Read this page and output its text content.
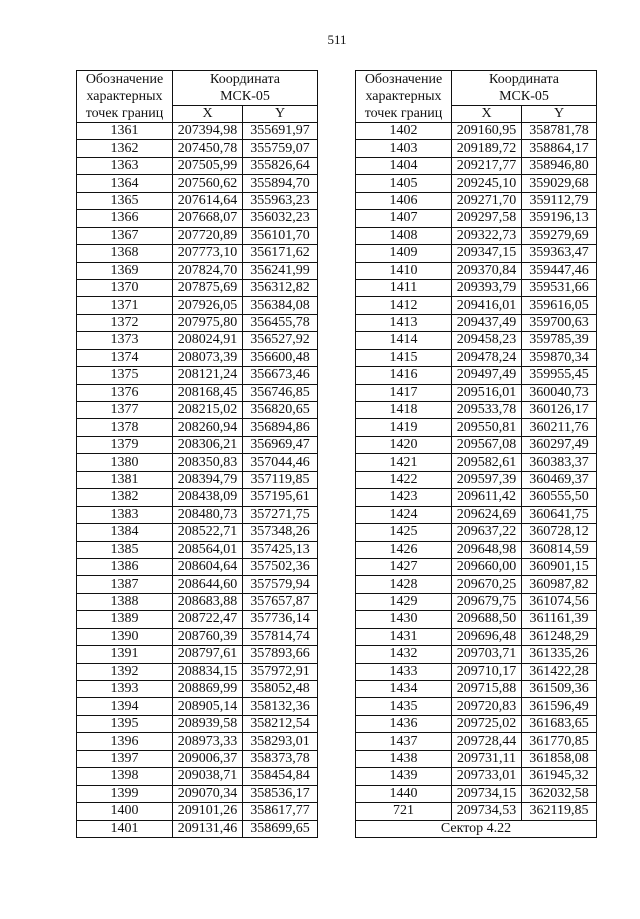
511
Обозначение
характерных
точек границ	Координата
МСК-05	

	X	Y
1361	207394,98	355691,97
1362	207450,78	355759,07
1363	207505,99	355826,64
1364	207560,62	355894,70
1365	207614,64	355963,23
1366	207668,07	356032,23
1367	207720,89	356101,70
1368	207773,10	356171,62
1369	207824,70	356241,99
1370	207875,69	356312,82
1371	207926,05	356384,08
1372	207975,80	356455,78
1373	208024,91	356527,92
1374	208073,39	356600,48
1375	208121,24	356673,46
1376	208168,45	356746,85
1377	208215,02	356820,65
1378	208260,94	356894,86
1379	208306,21	356969,47
1380	208350,83	357044,46
1381	208394,79	357119,85
1382	208438,09	357195,61
1383	208480,73	357271,75
1384	208522,71	357348,26
1385	208564,01	357425,13
1386	208604,64	357502,36
1387	208644,60	357579,94
1388	208683,88	357657,87
1389	208722,47	357736,14
1390	208760,39	357814,74
1391	208797,61	357893,66
1392	208834,15	357972,91
1393	208869,99	358052,48
1394	208905,14	358132,36
1395	208939,58	358212,54
1396	208973,33	358293,01
1397	209006,37	358373,78
1398	209038,71	358454,84
1399	209070,34	358536,17
1400	209101,26	358617,77
1401	209131,46	358699,65
Обозначение
характерных
точек границ	Координата
МСК-05	

	X	Y
1402	209160,95	358781,78
1403	209189,72	358864,17
1404	209217,77	358946,80
1405	209245,10	359029,68
1406	209271,70	359112,79
1407	209297,58	359196,13
1408	209322,73	359279,69
1409	209347,15	359363,47
1410	209370,84	359447,46
1411	209393,79	359531,66
1412	209416,01	359616,05
1413	209437,49	359700,63
1414	209458,23	359785,39
1415	209478,24	359870,34
1416	209497,49	359955,45
1417	209516,01	360040,73
1418	209533,78	360126,17
1419	209550,81	360211,76
1420	209567,08	360297,49
1421	209582,61	360383,37
1422	209597,39	360469,37
1423	209611,42	360555,50
1424	209624,69	360641,75
1425	209637,22	360728,12
1426	209648,98	360814,59
1427	209660,00	360901,15
1428	209670,25	360987,82
1429	209679,75	361074,56
1430	209688,50	361161,39
1431	209696,48	361248,29
1432	209703,71	361335,26
1433	209710,17	361422,28
1434	209715,88	361509,36
1435	209720,83	361596,49
1436	209725,02	361683,65
1437	209728,44	361770,85
1438	209731,11	361858,08
1439	209733,01	361945,32
1440	209734,15	362032,58
721	209734,53	362119,85
Сектор 4.22		
